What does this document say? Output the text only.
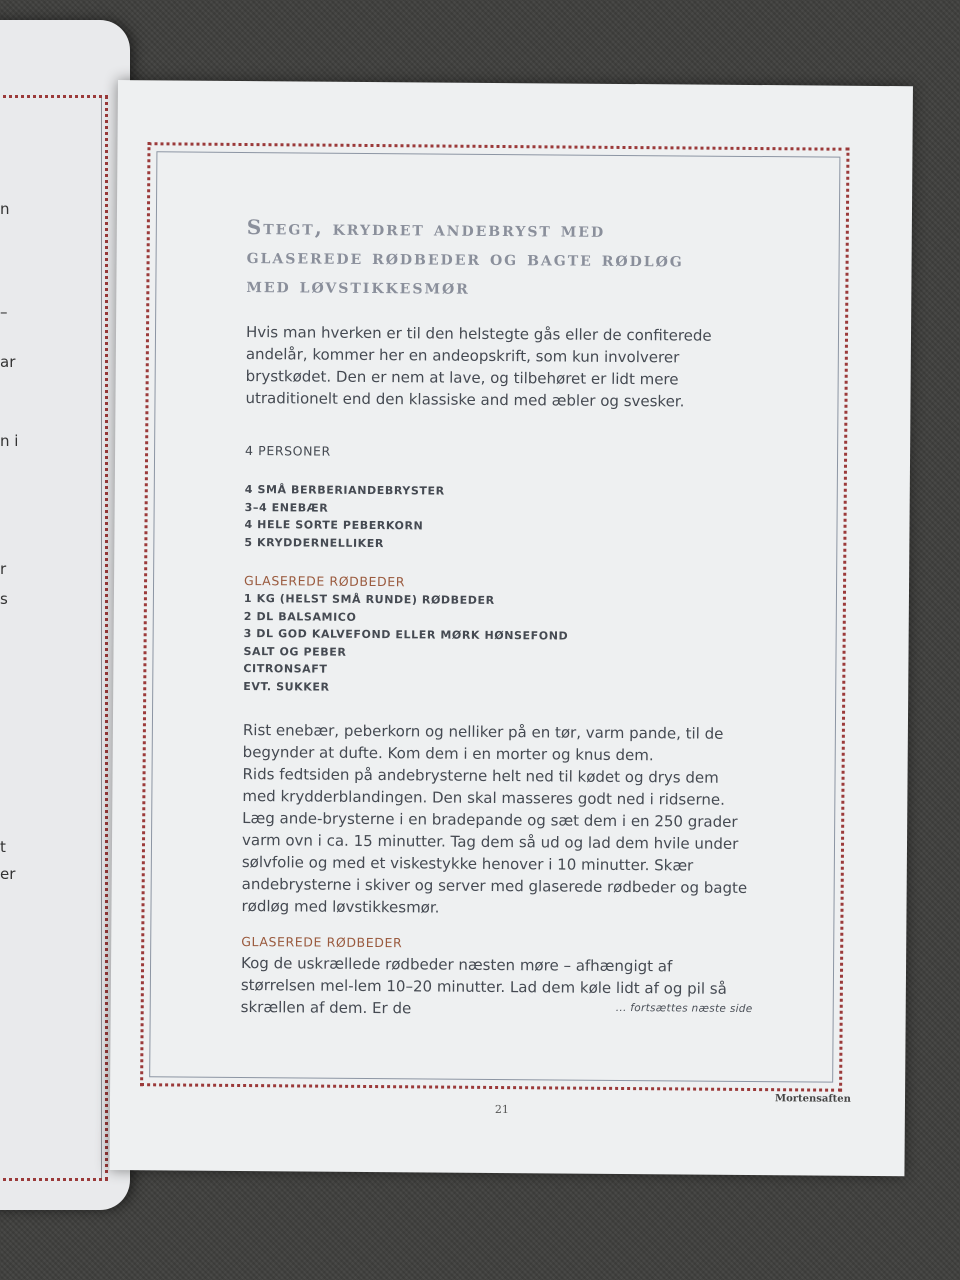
n
–
ar
n i
r
s
t
er
Stegt, krydret andebryst med glaserede rødbeder og bagte rødløg med løvstikkesmør

Hvis man hverken er til den helstegte gås eller de confiterede andelår, kommer her en andeopskrift, som kun involverer brystkødet. Den er nem at lave, og tilbehøret er lidt mere utraditionelt end den klassiske and med æbler og svesker.

4 PERSONER

4 SMÅ BERBERIANDEBRYSTER
3–4 ENEBÆR
4 HELE SORTE PEBERKORN
5 KRYDDERNELLIKER
GLASEREDE RØDBEDER
1 KG (HELST SMÅ RUNDE) RØDBEDER
2 DL BALSAMICO
3 DL GOD KALVEFOND ELLER MØRK HØNSEFOND
SALT OG PEBER
CITRONSAFT
EVT. SUKKER

Rist enebær, peberkorn og nelliker på en tør, varm pande, til de begynder at dufte. Kom dem i en morter og knus dem.
Rids fedtsiden på andebrysterne helt ned til kødet og drys dem med krydderblandingen. Den skal masseres godt ned i ridserne. Læg ande-brysterne i en bradepande og sæt dem i en 250 grader varm ovn i ca. 15 minutter. Tag dem så ud og lad dem hvile under sølvfolie og med et viskestykke henover i 10 minutter. Skær andebrysterne i skiver og server med glaserede rødbeder og bagte rødløg med løvstikkesmør.

GLASEREDE RØDBEDER

Kog de uskrællede rødbeder næsten møre – afhængigt af størrelsen mel-lem 10–20 minutter. Lad dem køle lidt af og pil så skrællen af dem. Er de	... fortsættes næste side

21

Mortensaften
